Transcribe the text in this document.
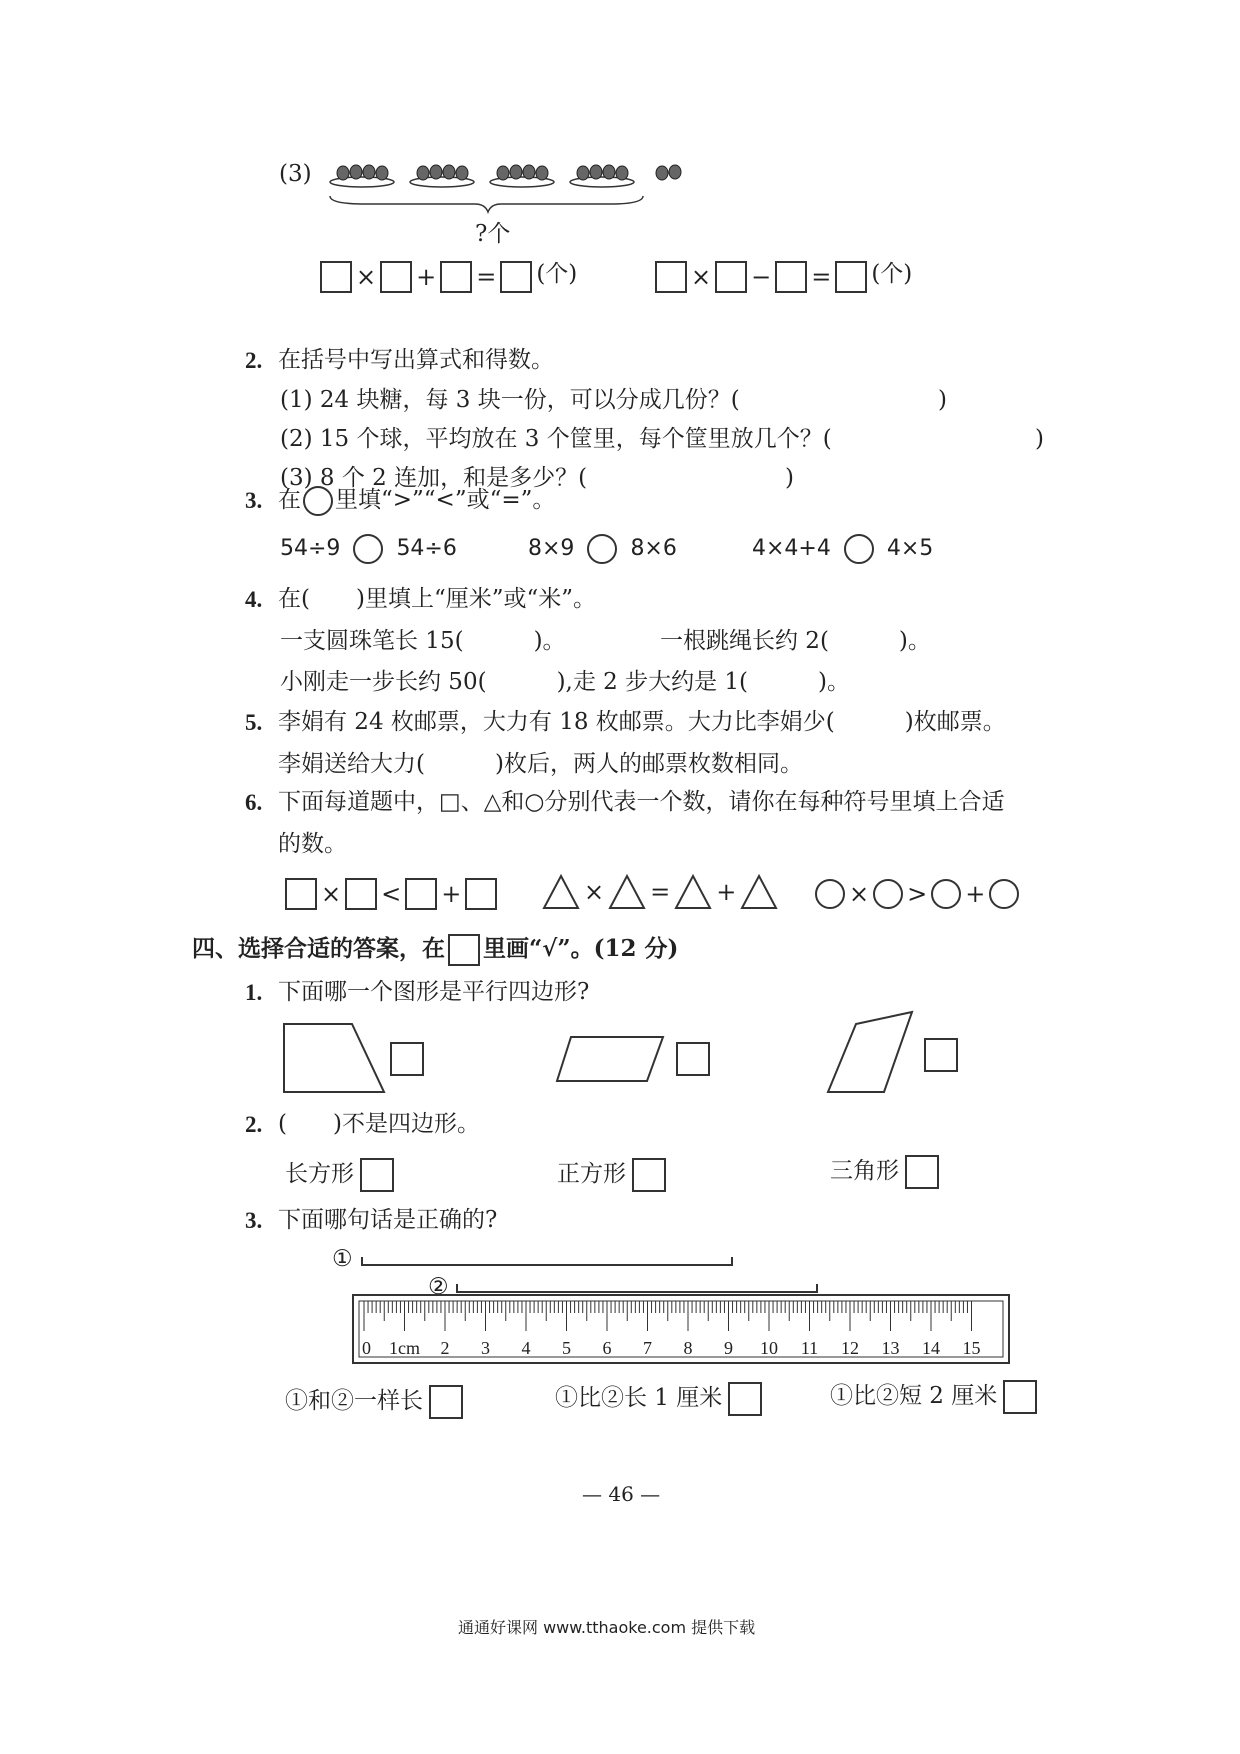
(3)
?个
× + = (个)	× − = (个)
2. 在括号中写出算式和得数。
(1) 24 块糖，每 3 块一份，可以分成几份？(	)
(2) 15 个球，平均放在 3 个筐里，每个筐里放几个？(	)
(3) 8 个 2 连加，和是多少？(	)
3. 在 里填“>”“<”或“=”。
54÷9	54÷6	8×9	8×6	4×4+4	4×5
4. 在(　　)里填上“厘米”或“米”。
一支圆珠笔长 15(	)。	一根跳绳长约 2(	)。
小刚走一步长约 50(	),走 2 步大约是 1(	)。
5. 李娟有 24 枚邮票，大力有 18 枚邮票。大力比李娟少(	)枚邮票。
李娟送给大力(	)枚后，两人的邮票枚数相同。
6. 下面每道题中，□、△和○分别代表一个数，请你在每种符号里填上合适
的数。
× < +	× = +	× > +
四、选择合适的答案，在 里画“√”。(12 分)
1. 下面哪一个图形是平行四边形?
2. (　　)不是四边形。
长方形	正方形	三角形
3. 下面哪句话是正确的?
①
②
0 1cm 2 3 4 5 6 7 8 9 10 11 12 13 14 15
①和②一样长	①比②长 1 厘米	①比②短 2 厘米
— 46 —
通通好课网 www.tthaoke.com 提供下载
